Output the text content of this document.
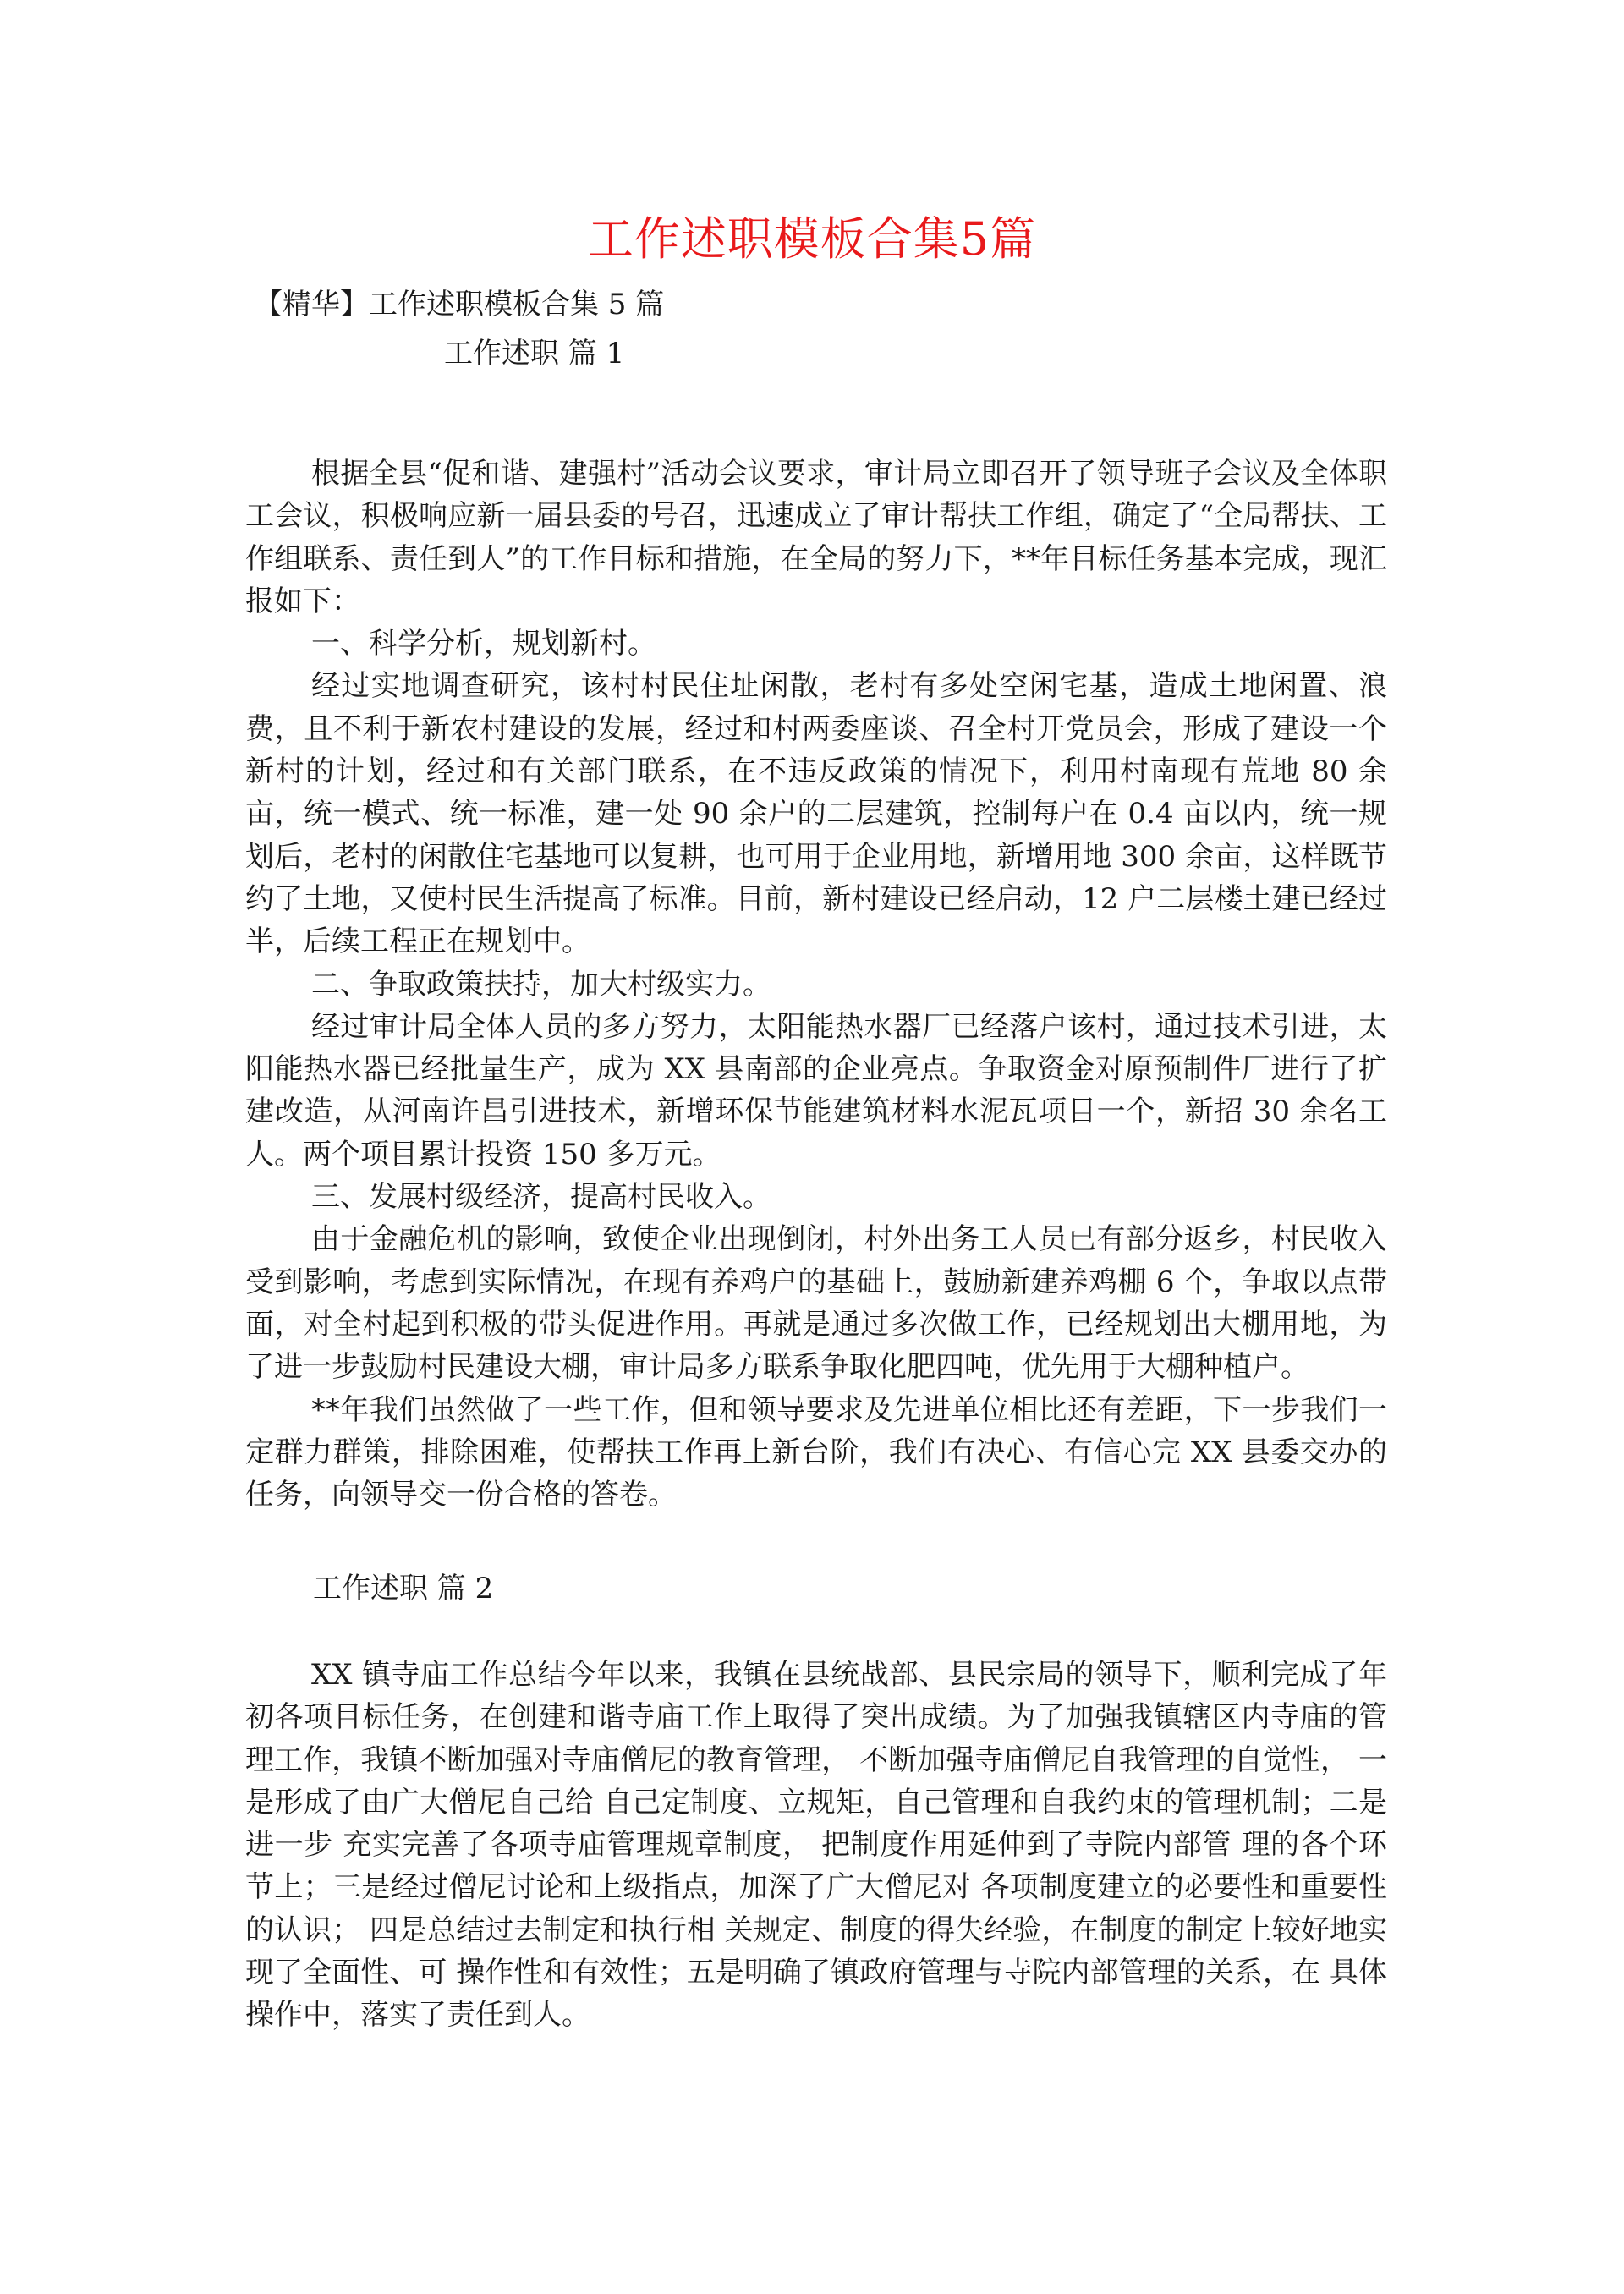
工作述职模板合集5篇
【精华】工作述职模板合集 5 篇
工作述职 篇 1

根据全县“促和谐、建强村”活动会议要求，审计局立即召开了领导班子会议及全体职工会议，积极响应新一届县委的号召，迅速成立了审计帮扶工作组，确定了“全局帮扶、工作组联系、责任到人”的工作目标和措施，在全局的努力下，**年目标任务基本完成，现汇报如下：

一、科学分析，规划新村。

经过实地调查研究，该村村民住址闲散，老村有多处空闲宅基，造成土地闲置、浪费，且不利于新农村建设的发展，经过和村两委座谈、召全村开党员会，形成了建设一个新村的计划，经过和有关部门联系，在不违反政策的情况下，利用村南现有荒地 80 余亩，统一模式、统一标准，建一处 90 余户的二层建筑，控制每户在 0.4 亩以内，统一规划后，老村的闲散住宅基地可以复耕，也可用于企业用地，新增用地 300 余亩，这样既节约了土地，又使村民生活提高了标准。目前，新村建设已经启动，12 户二层楼土建已经过半，后续工程正在规划中。

二、争取政策扶持，加大村级实力。

经过审计局全体人员的多方努力，太阳能热水器厂已经落户该村，通过技术引进，太阳能热水器已经批量生产，成为 XX 县南部的企业亮点。争取资金对原预制件厂进行了扩建改造，从河南许昌引进技术，新增环保节能建筑材料水泥瓦项目一个，新招 30 余名工人。两个项目累计投资 150 多万元。

三、发展村级经济，提高村民收入。

由于金融危机的影响，致使企业出现倒闭，村外出务工人员已有部分返乡，村民收入受到影响，考虑到实际情况，在现有养鸡户的基础上，鼓励新建养鸡棚 6 个，争取以点带面，对全村起到积极的带头促进作用。再就是通过多次做工作，已经规划出大棚用地，为了进一步鼓励村民建设大棚，审计局多方联系争取化肥四吨，优先用于大棚种植户。

**年我们虽然做了一些工作，但和领导要求及先进单位相比还有差距，下一步我们一定群力群策，排除困难，使帮扶工作再上新台阶，我们有决心、有信心完 XX 县委交办的任务，向领导交一份合格的答卷。

工作述职 篇 2

XX 镇寺庙工作总结今年以来，我镇在县统战部、县民宗局的领导下，顺利完成了年 初各项目标任务，在创建和谐寺庙工作上取得了突出成绩。为了加强我镇辖区内寺庙的管理工作，我镇不断加强对寺庙僧尼的教育管理， 不断加强寺庙僧尼自我管理的自觉性， 一是形成了由广大僧尼自己给 自己定制度、立规矩，自己管理和自我约束的管理机制；二是进一步 充实完善了各项寺庙管理规章制度， 把制度作用延伸到了寺院内部管 理的各个环节上；三是经过僧尼讨论和上级指点，加深了广大僧尼对 各项制度建立的必要性和重要性的认识； 四是总结过去制定和执行相 关规定、制度的得失经验，在制度的制定上较好地实现了全面性、可 操作性和有效性；五是明确了镇政府管理与寺院内部管理的关系，在 具体操作中，落实了责任到人。
